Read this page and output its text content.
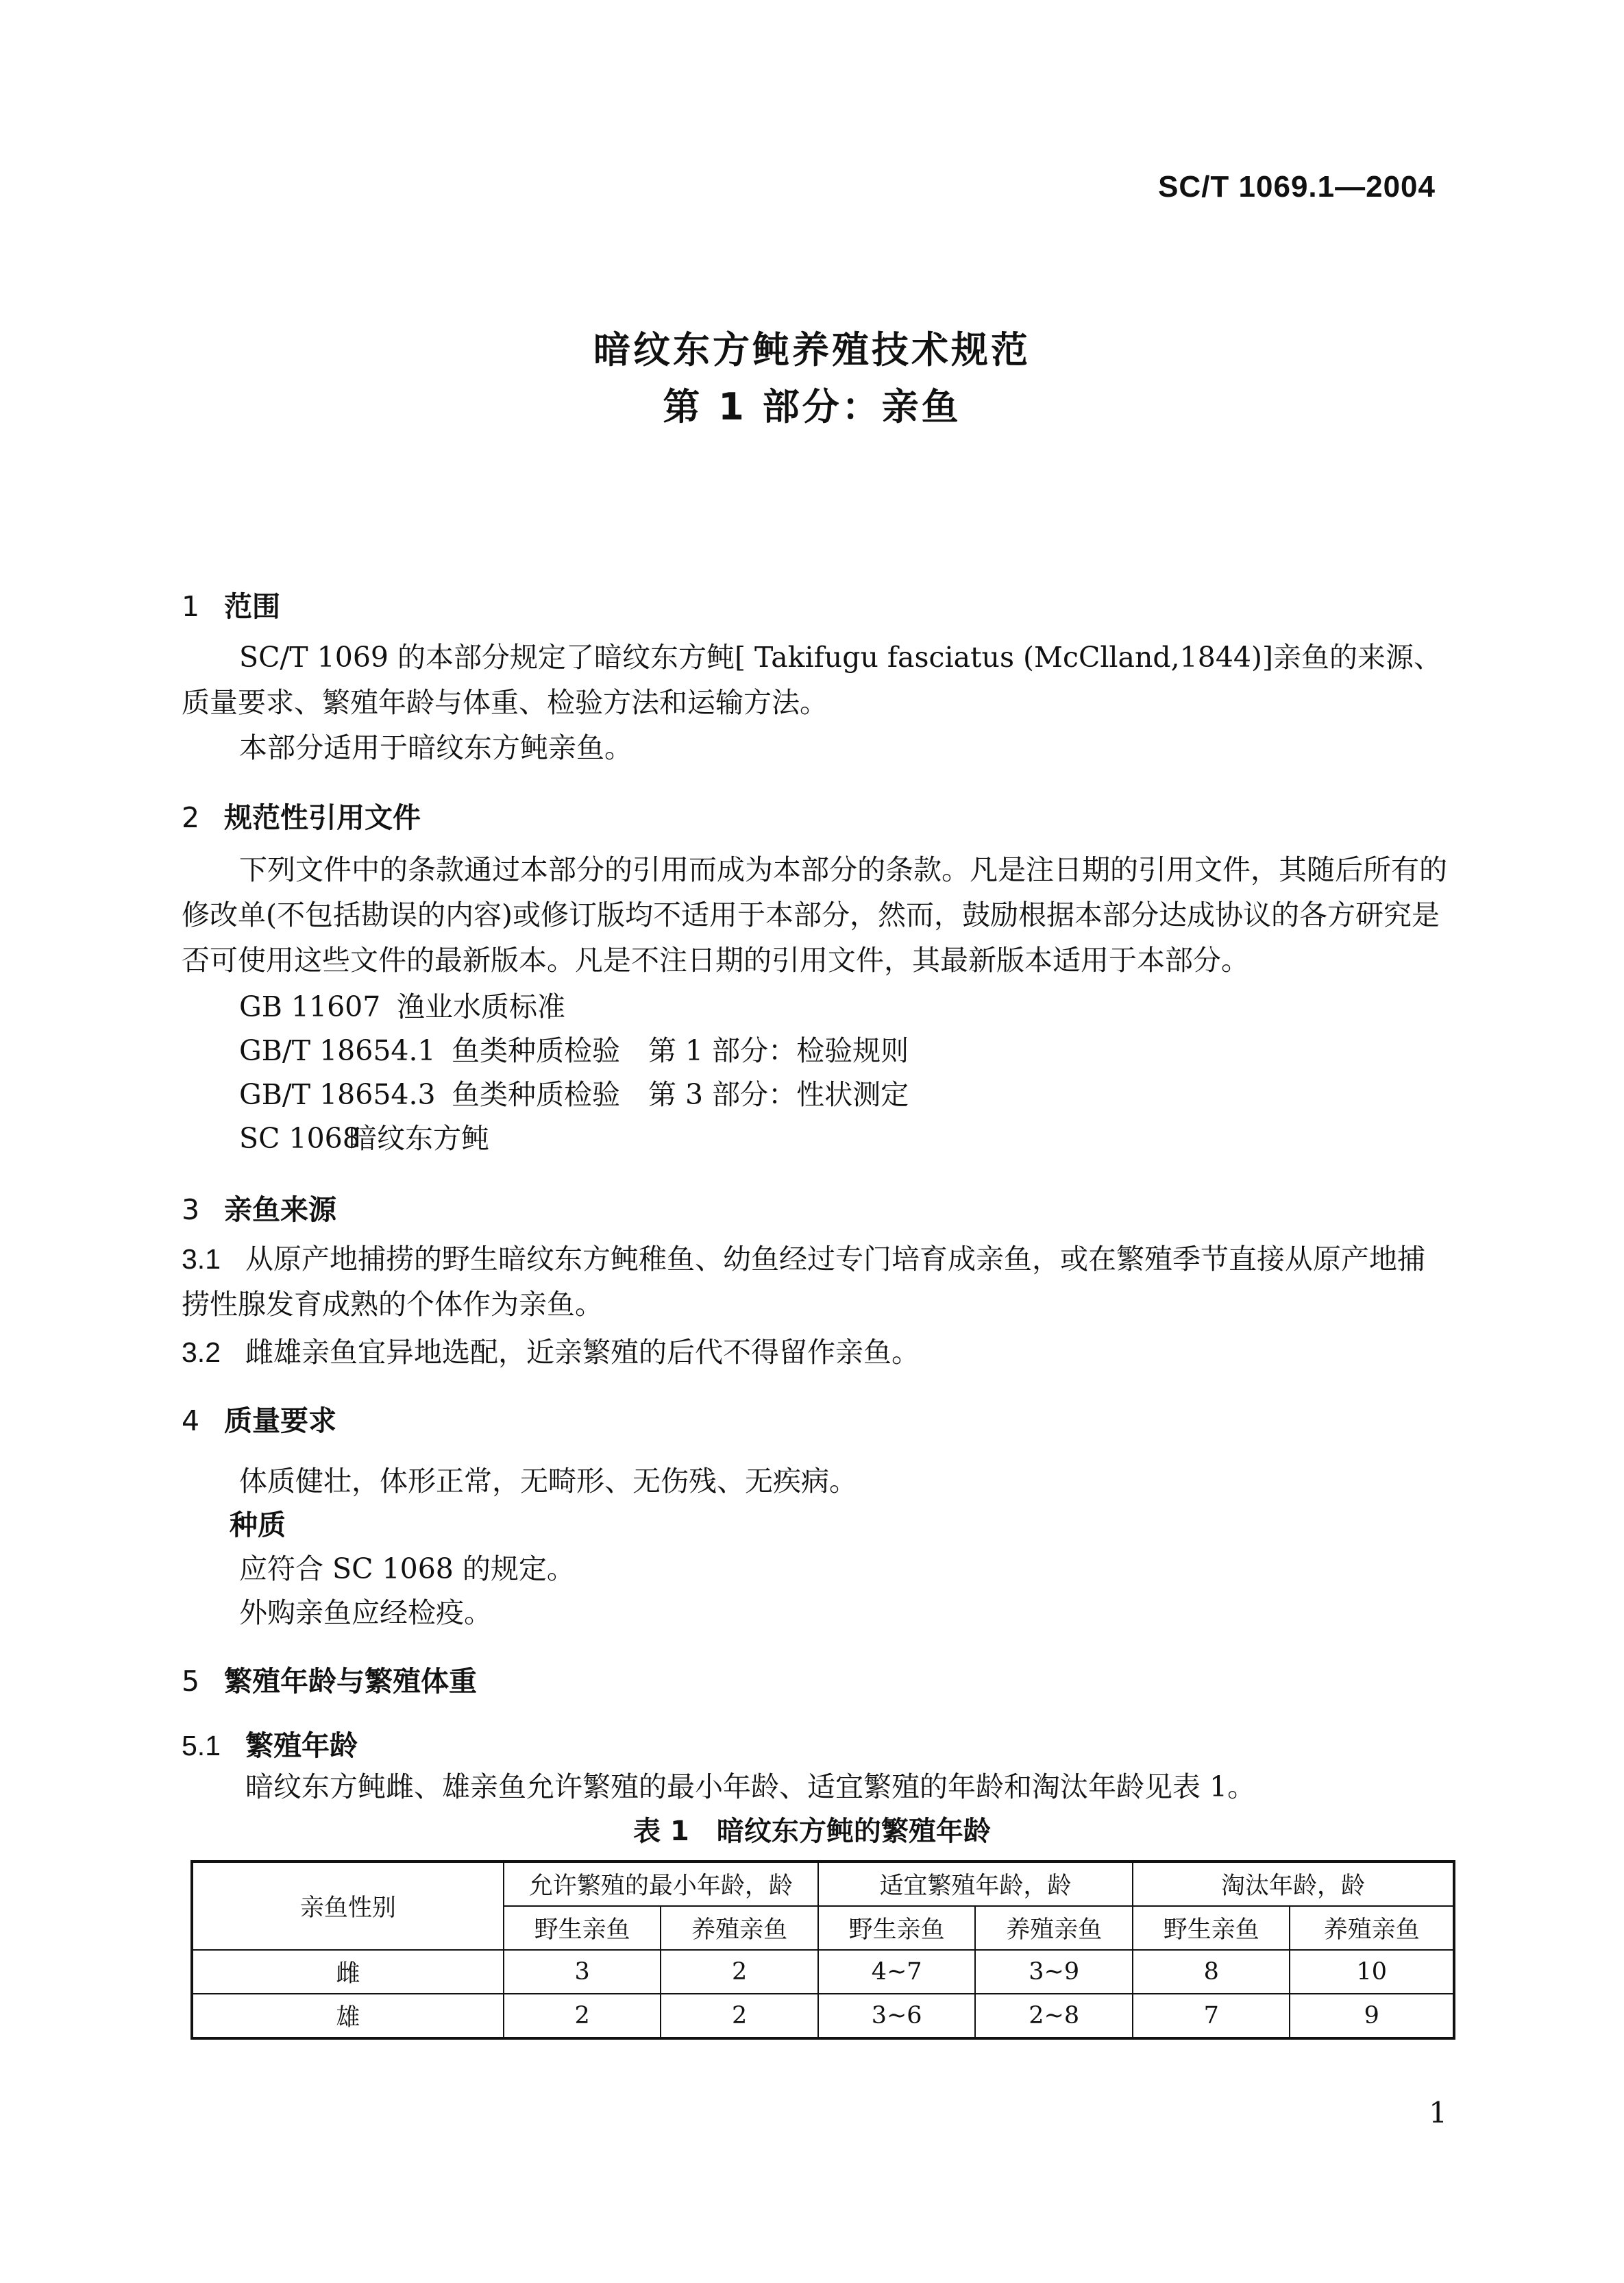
SC/T 1069.1—2004
暗纹东方鲀养殖技术规范
第 1 部分：亲鱼
1 范围
SC/T 1069 的本部分规定了暗纹东方鲀[ Takifugu fasciatus (McClland,1844)]亲鱼的来源、质量要求、繁殖年龄与体重、检验方法和运输方法。
本部分适用于暗纹东方鲀亲鱼。
2 规范性引用文件
下列文件中的条款通过本部分的引用而成为本部分的条款。凡是注日期的引用文件，其随后所有的修改单(不包括勘误的内容)或修订版均不适用于本部分，然而，鼓励根据本部分达成协议的各方研究是否可使用这些文件的最新版本。凡是不注日期的引用文件，其最新版本适用于本部分。
GB 11607 渔业水质标准
GB/T 18654.1 鱼类种质检验　第 1 部分：检验规则
GB/T 18654.3 鱼类种质检验　第 3 部分：性状测定
SC 1068暗纹东方鲀
3 亲鱼来源
3.1 从原产地捕捞的野生暗纹东方鲀稚鱼、幼鱼经过专门培育成亲鱼，或在繁殖季节直接从原产地捕捞性腺发育成熟的个体作为亲鱼。
3.2 雌雄亲鱼宜异地选配，近亲繁殖的后代不得留作亲鱼。
4 质量要求
体质健壮，体形正常，无畸形、无伤残、无疾病。
种质
应符合 SC 1068 的规定。
外购亲鱼应经检疫。
5 繁殖年龄与繁殖体重
5.1 繁殖年龄
暗纹东方鲀雌、雄亲鱼允许繁殖的最小年龄、适宜繁殖的年龄和淘汰年龄见表 1。
表 1　暗纹东方鲀的繁殖年龄
亲鱼性别	允许繁殖的最小年龄，龄		适宜繁殖年龄，龄		淘汰年龄，龄	
	野生亲鱼	养殖亲鱼	野生亲鱼	养殖亲鱼	野生亲鱼	养殖亲鱼
雌	3	2	4~7	3~9	8	10
雄	2	2	3~6	2~8	7	9
1
